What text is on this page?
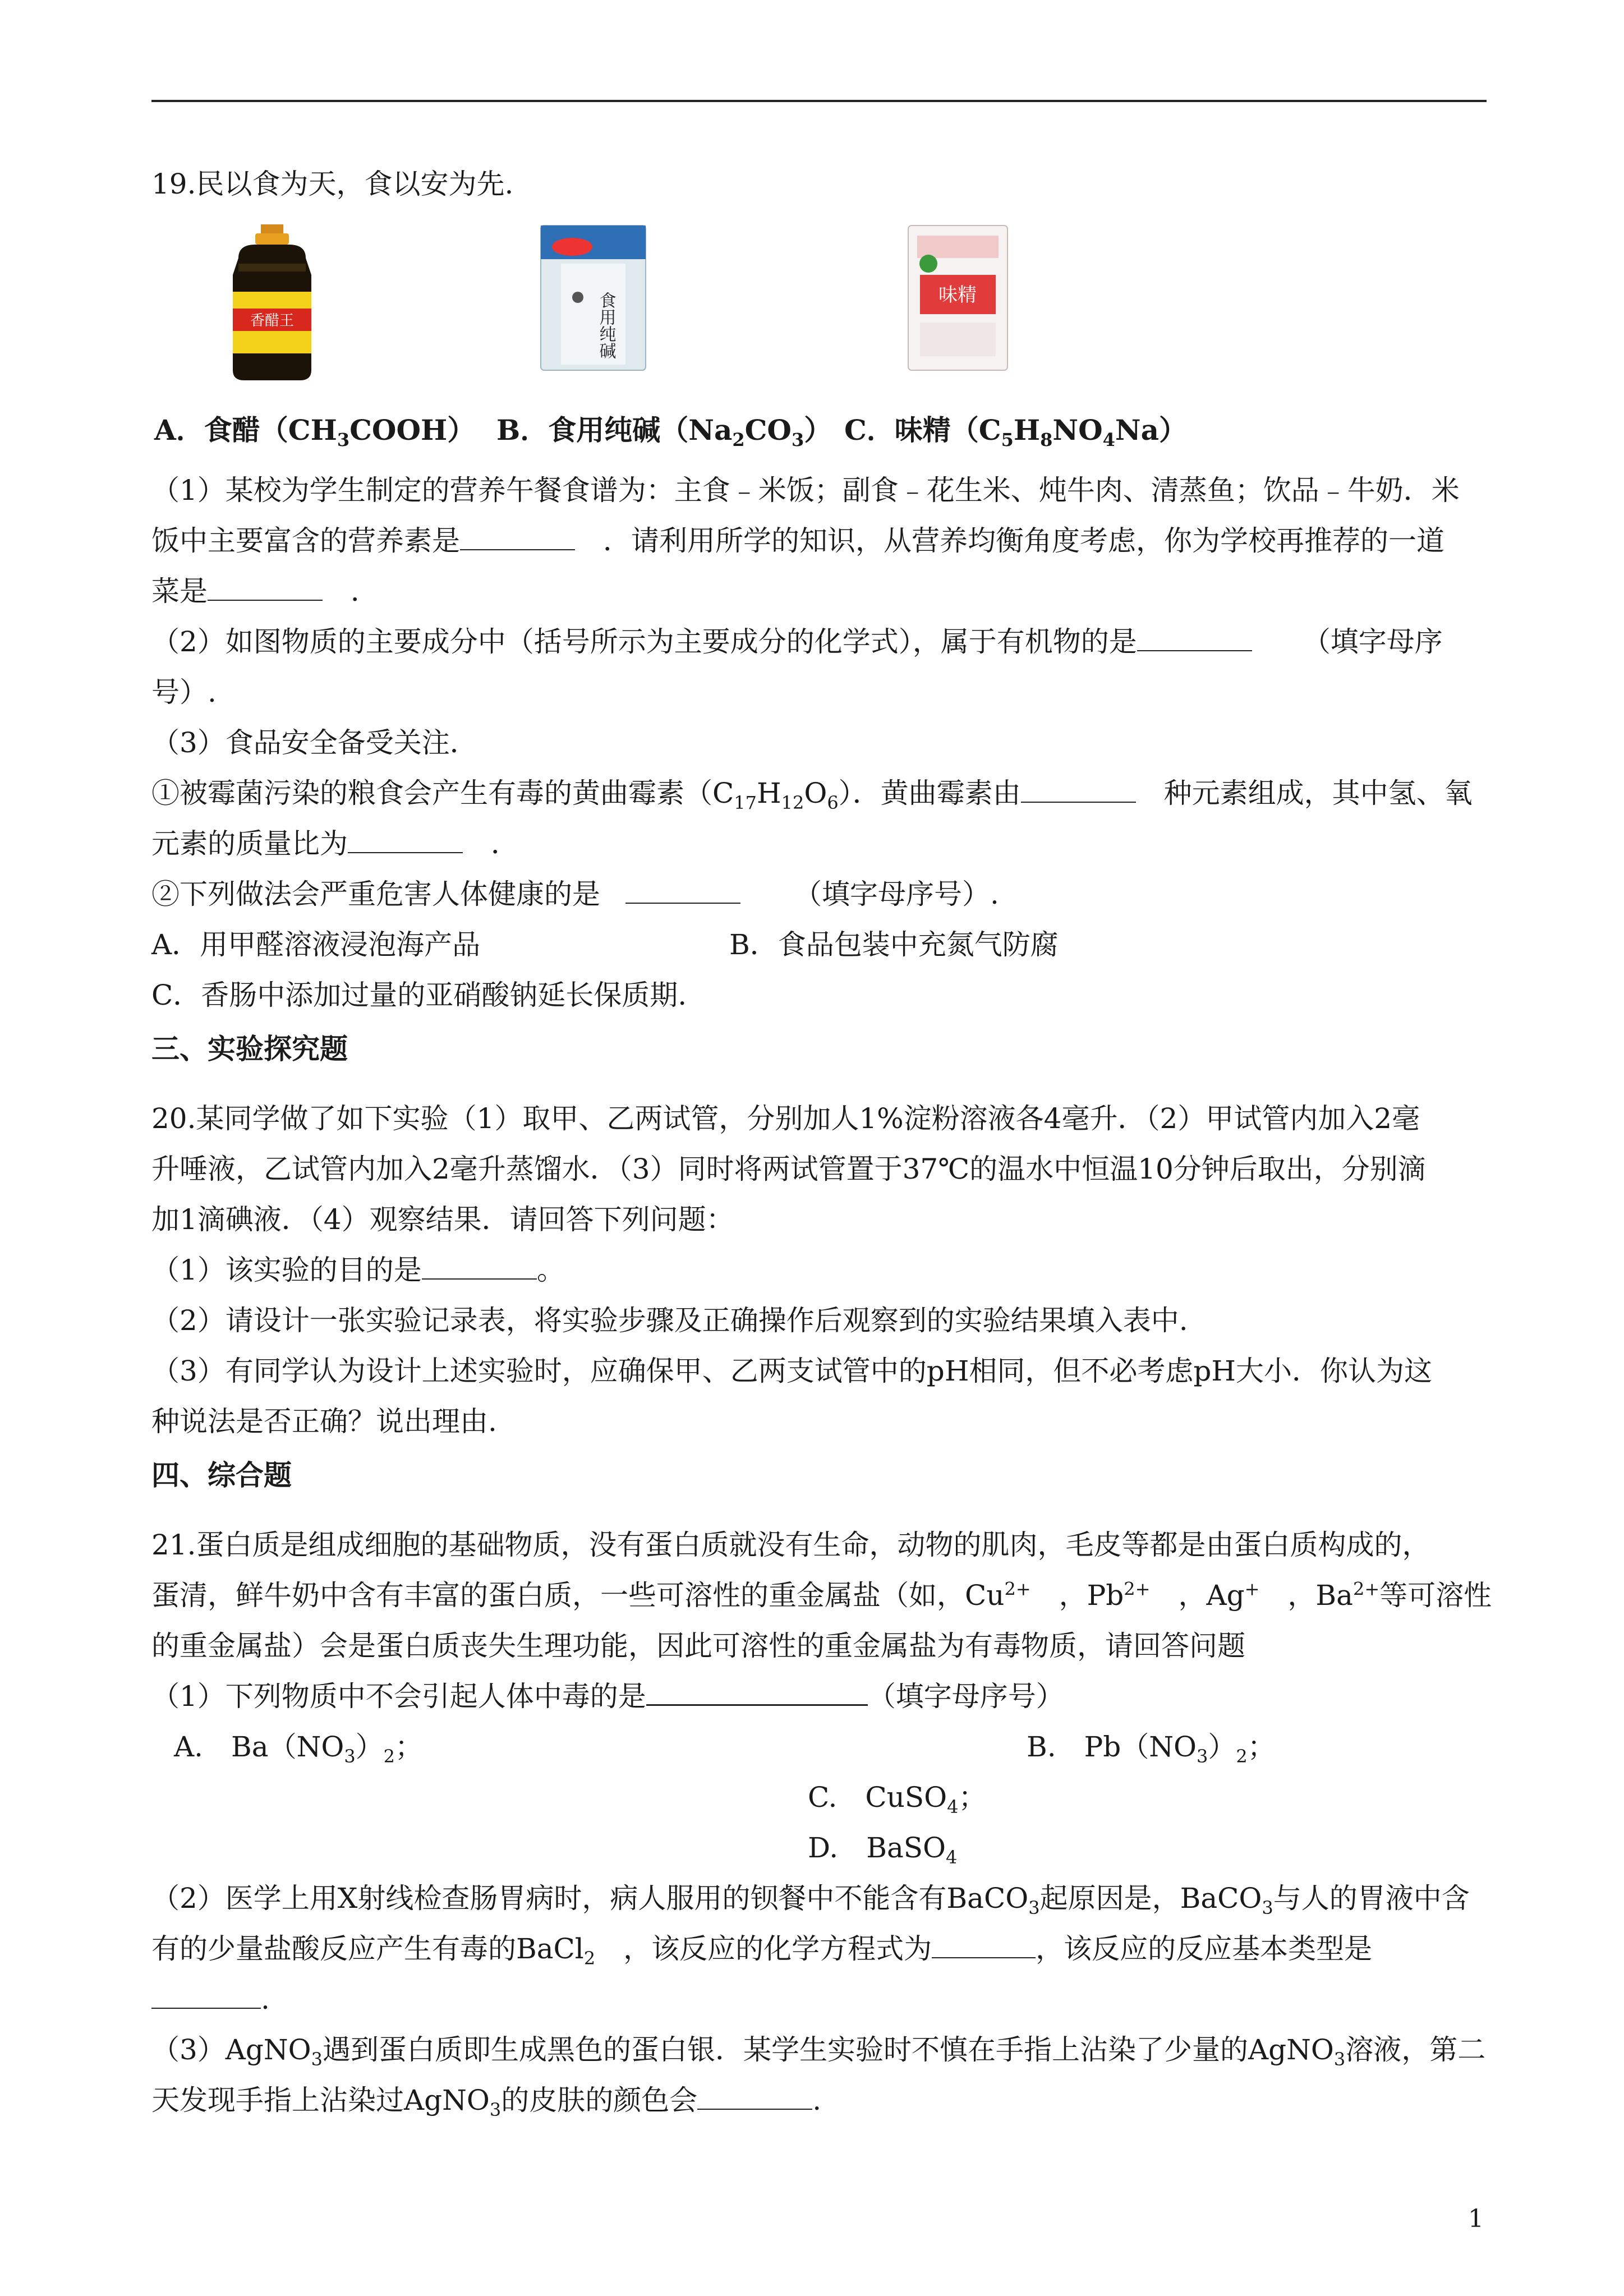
19.民以食为天，食以安为先.
香醋王	食用纯碱	味精
A．食醋$(CH_3COOH)$ B．食用纯碱$(Na_2CO_3)$ C．味精$(C_5H_8NO_4Na)$
（1）某校为学生制定的营养午餐食谱为：主食﹣米饭；副食﹣花生米、炖牛肉、清蒸鱼；饮品﹣牛奶．米
饭中主要富含的营养素是	．请利用所学的知识，从营养均衡角度考虑，你为学校再推荐的一道
菜是	．
（2）如图物质的主要成分中（括号所示为主要成分的化学式），属于有机物的是	（填字母序
号）.
（3）食品安全备受关注．
①被霉菌污染的粮食会产生有毒的黄曲霉素$(C_{17}H_{12}O_6)$．黄曲霉素由	种元素组成，其中氢、氧
元素的质量比为	．
②下列做法会严重危害人体健康的是	（填字母序号）.
A．用甲醛溶液浸泡海产品	B．食品包装中充氮气防腐
C．香肠中添加过量的亚硝酸钠延长保质期.
三、实验探究题
20.某同学做了如下实验（1）取甲、乙两试管，分别加人1%淀粉溶液各4毫升．（2）甲试管内加入2毫
升唾液，乙试管内加入2毫升蒸馏水．（3）同时将两试管置于37℃的温水中恒温10分钟后取出，分别滴
加1滴碘液．（4）观察结果．请回答下列问题：
（1）该实验的目的是	。
（2）请设计一张实验记录表，将实验步骤及正确操作后观察到的实验结果填入表中.
（3）有同学认为设计上述实验时，应确保甲、乙两支试管中的pH相同，但不必考虑pH大小．你认为这
种说法是否正确？说出理由.
四、综合题
21.蛋白质是组成细胞的基础物质，没有蛋白质就没有生命，动物的肌肉，毛皮等都是由蛋白质构成的，
蛋清，鲜牛奶中含有丰富的蛋白质，一些可溶性的重金属盐（如，$Cu^{2+}$ ，$Pb^{2+}$ ，Ag+ ，$Ba^{2+}$等可溶性
的重金属盐）会是蛋白质丧失生理功能，因此可溶性的重金属盐为有毒物质，请回答问题
（1）下列物质中不会引起人体中毒的是	（填字母序号）
A. $Ba(NO_3)_2$；	B. $Pb(NO_3)_2$；
C. CuSO$_4$；
D. BaSO$_4$
（2）医学上用X射线检查肠胃病时，病人服用的钡餐中不能含有BaCO$_3$起原因是，BaCO$_3$与人的胃液中含
有的少量盐酸反应产生有毒的BaCl$_2$ ，该反应的化学方程式为	，该反应的反应基本类型是
.
（3）AgNO$_3$遇到蛋白质即生成黑色的蛋白银．某学生实验时不慎在手指上沾染了少量的AgNO$_3$溶液，第二
天发现手指上沾染过AgNO$_3$的皮肤的颜色会	.
1
